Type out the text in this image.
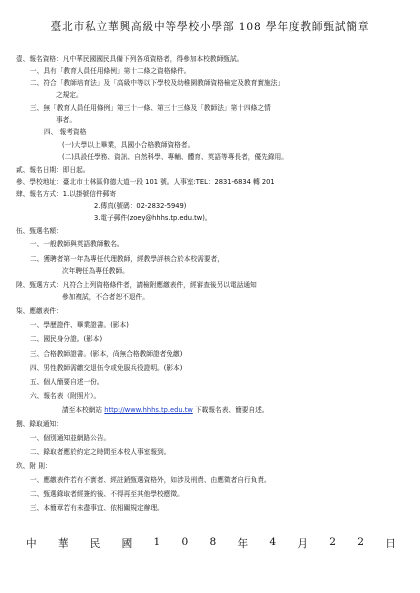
臺北市私立華興高級中等學校小學部 108 學年度教師甄試簡章
壹、報名資格：凡中華民國國民具備下列各項資格者，得參加本校教師甄試。
一、具有「教育人員任用條例」第十二條之資格條件。
二、符合「教師培育法」及「高級中等以下學校及幼稚園教師資格檢定及教育實施法」
之規定。
三、無「教育人員任用條例」第三十一條、第三十三條及「教師法」第十四條之情
事者。
四、 報考資格
(一)大學以上畢業，具國小合格教師資格者。
(二)具設任學務、資訊、自然科學、專輔、體育、英語等專長者，優先錄用。
貳、報名日期：即日起。
參、學校地址：臺北市士林區仰德大道一段 101 號。人事室:TEL：2831-6834 轉 201
肆、報名方式：1.以掛號信件郵寄
2.傳真(號碼：02-2832-5949)
3.電子郵件(zoey@hhhs.tp.edu.tw)。
伍、甄選名額：
一、一般教師與英語教師數名。
二、獲聘者第一年為專任代理教師，經教學評核合於本校需要者，
次年聘任為專任教師。
陸、甄選方式：凡符合上列資格條件者，請檢附應繳表件，經審查後另以電話通知
參加複試，不合者恕不退件。
柒、應繳表件：
一、學歷證件、畢業證書。(影本)
二、國民身分證。(影本)
三、合格教師證書。(影本，尚無合格教師證者免繳)
四、男性教師需繳交退伍令或免服兵役證明。(影本)
五、個人簡要自述一份。
六、報名表（附照片）。
請至本校網站 http://www.hhhs.tp.edu.tw 下載報名表、簡要自述。
捌、錄取通知：
一、個別通知並網路公告。
二、錄取者應於約定之時間至本校人事室報到。
玖、附 則：
一、應繳表件若有不實者、經註銷甄選資格外，如涉及刑責、由應徵者自行負責。
二、甄選錄取者經簽約後、不得再至其他學校應徵。
三、本簡章若有未盡事宜、依相關規定辦理。
中 華 民 國 1 0 8 年 4 月 2 2 日
